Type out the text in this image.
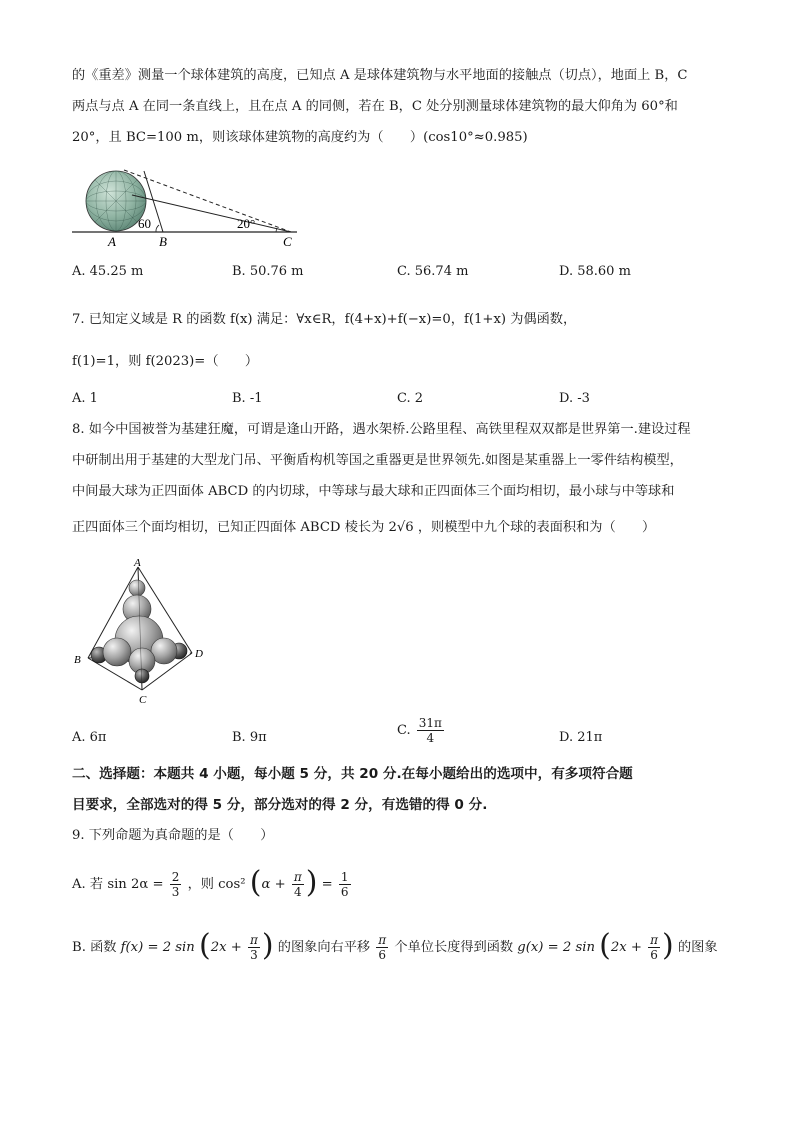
的《重差》测量一个球体建筑的高度，已知点 A 是球体建筑物与水平地面的接触点（切点），地面上 B，C
两点与点 A 在同一条直线上，且在点 A 的同侧，若在 B，C 处分别测量球体建筑物的最大仰角为 60°和
20°，且 BC=100 m，则该球体建筑物的高度约为（　　）(cos10°≈0.985)
60	20°
A	B	C
A. 45.25 m	B. 50.76 m	C. 56.74 m	D. 58.60 m
7. 已知定义域是 R 的函数 f(x) 满足：∀x∈R，f(4+x)+f(−x)=0，f(1+x) 为偶函数，
f(1)=1，则 f(2023)=（　　）
A. 1	B. -1	C. 2	D. -3
8. 如今中国被誉为基建狂魔，可谓是逢山开路，遇水架桥.公路里程、高铁里程双双都是世界第一.建设过程
中研制出用于基建的大型龙门吊、平衡盾构机等国之重器更是世界领先.如图是某重器上一零件结构模型，
中间最大球为正四面体 ABCD 的内切球，中等球与最大球和正四面体三个面均相切，最小球与中等球和
正四面体三个面均相切，已知正四面体 ABCD 棱长为 2√6 ，则模型中九个球的表面积和为（　　）
A
B
C
D
A. 6π	B. 9π	C. $\frac{31\pi}{4}$	D. 21π
二、选择题：本题共 4 小题，每小题 5 分，共 20 分.在每小题给出的选项中，有多项符合题
目要求，全部选对的得 5 分，部分选对的得 2 分，有选错的得 0 分.
9. 下列命题为真命题的是（　　）
A. 若 $\sin 2\alpha = \frac{2}{3}$ ，则 cos² ($\alpha + \frac{\pi}{4}$ ) = $\frac{1}{6}$
B. 函数 f(x) = 2 $\sin (2x + \frac{\pi}{3}$ ) 的图象向右平移 $\frac{\pi}{6}$ 个单位长度得到函数 g(x) = 2 $\sin (2x + \frac{\pi}{6}$ ) 的图象
